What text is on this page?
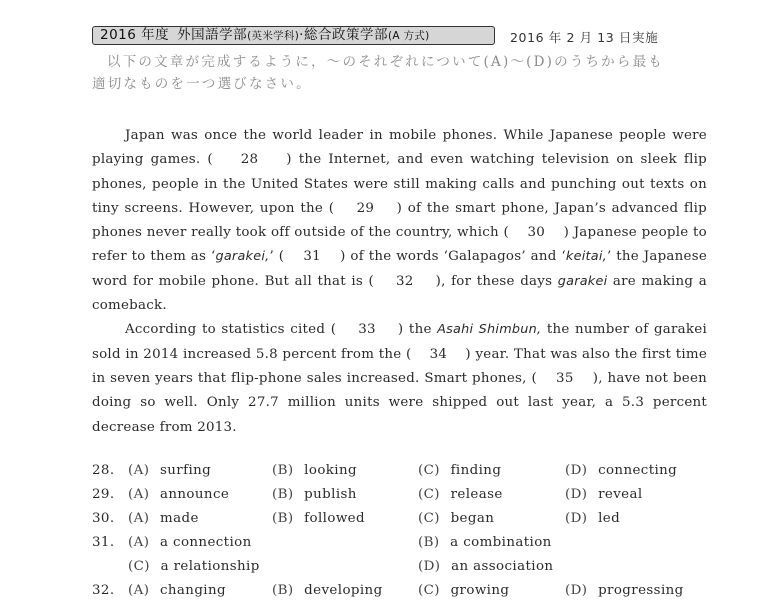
2016 年度 外国語学部(英米学科)·総合政策学部(A 方式)	2016 年 2 月 13 日実施
以下の文章が完成するように，～のそれぞれについて(A)～(D)のうちから最も
適切なものを一つ選びなさい。

Japan was once the world leader in mobile phones. While Japanese people were playing games. (    28    ) the Internet, and even watching television on sleek flip phones, people in the United States were still making calls and punching out texts on tiny screens. However, upon the (    29    ) of the smart phone, Japan’s advanced flip phones never really took off outside of the country, which (    30    ) Japanese people to refer to them as ‘garakei,’ (    31    ) of the words ‘Galapagos’ and ‘keitai,’ the Japanese word for mobile phone. But all that is (    32    ), for these days garakei are making a comeback.

According to statistics cited (    33    ) the Asahi Shimbun, the number of garakei sold in 2014 increased 5.8 percent from the (    34    ) year. That was also the first time in seven years that flip-phone sales increased. Smart phones, (    35    ), have not been doing so well. Only 27.7 million units were shipped out last year, a 5.3 percent decrease from 2013.

28. (A) surfing	(B) looking	(C) finding	(D) connecting
29. (A) announce	(B) publish	(C) release	(D) reveal
30. (A) made	(B) followed	(C) began	(D) led
31. (A) a connection	(B) a combination
(C) a relationship	(D) an association
32. (A) changing	(B) developing	(C) growing	(D) progressing
